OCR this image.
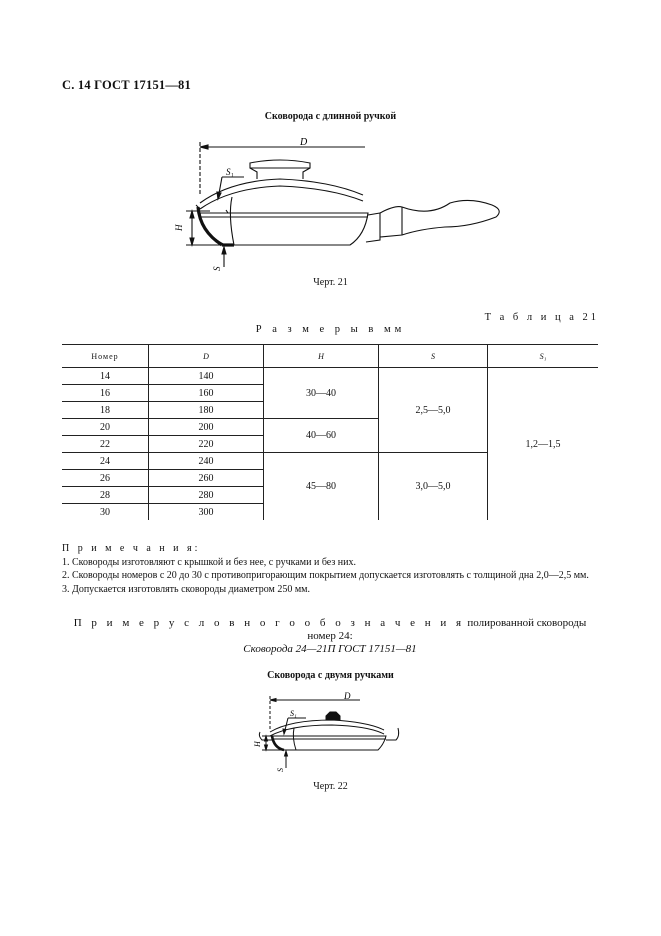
С. 14 ГОСТ 17151—81
Сковорода с длинной ручкой
D
S₁
H
S
Черт. 21
Т а б л и ц а 21
Р а з м е р ы в мм
Номер	D	H	S	S₁
14	140	30—40	2,5—5,0	1,2—1,5
16	160			
18	180			
20	200	40—60		
22	220			
24	240	45—80	3,0—5,0	
26	260			
28	280			
30	300			
П р и м е ч а н и я:
1. Сковороды изготовляют с крышкой и без нее, с ручками и без них.
2. Сковороды номеров с 20 до 30 с противопригорающим покрытием допускается изготовлять с толщиной дна 2,0—2,5 мм.
3. Допускается изготовлять сковороды диаметром 250 мм.
П р и м е р у с л о в н о г о о б о з н а ч е н и я полированной сковороды номер 24:
Сковорода 24—21П ГОСТ 17151—81
Сковорода с двумя ручками
D
S₁
H
S
Черт. 22
